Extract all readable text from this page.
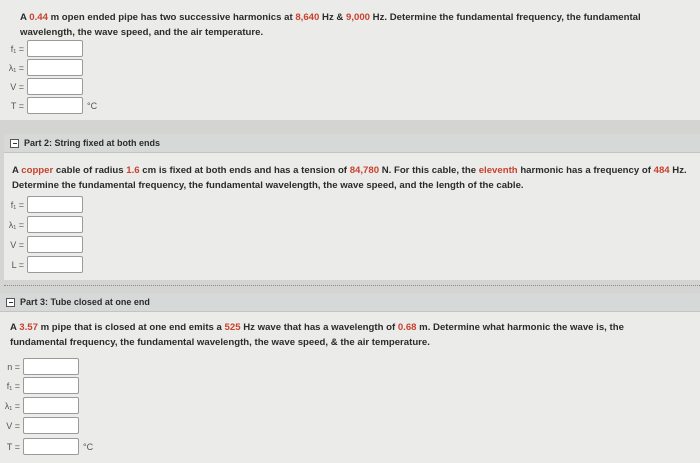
A 0.44 m open ended pipe has two successive harmonics at 8,640 Hz & 9,000 Hz. Determine the fundamental frequency, the fundamental wavelength, the wave speed, and the air temperature.
f₁ =
λ₁ =
V =
T =	°C
Part 2: String fixed at both ends
A copper cable of radius 1.6 cm is fixed at both ends and has a tension of 84,780 N. For this cable, the eleventh harmonic has a frequency of 484 Hz. Determine the fundamental frequency, the fundamental wavelength, the wave speed, and the length of the cable.
f₁ =
λ₁ =
V =
L =
Part 3: Tube closed at one end
A 3.57 m pipe that is closed at one end emits a 525 Hz wave that has a wavelength of 0.68 m. Determine what harmonic the wave is, the fundamental frequency, the fundamental wavelength, the wave speed, & the air temperature.
n =
f₁ =
λ₁ =
V =
T =	°C
